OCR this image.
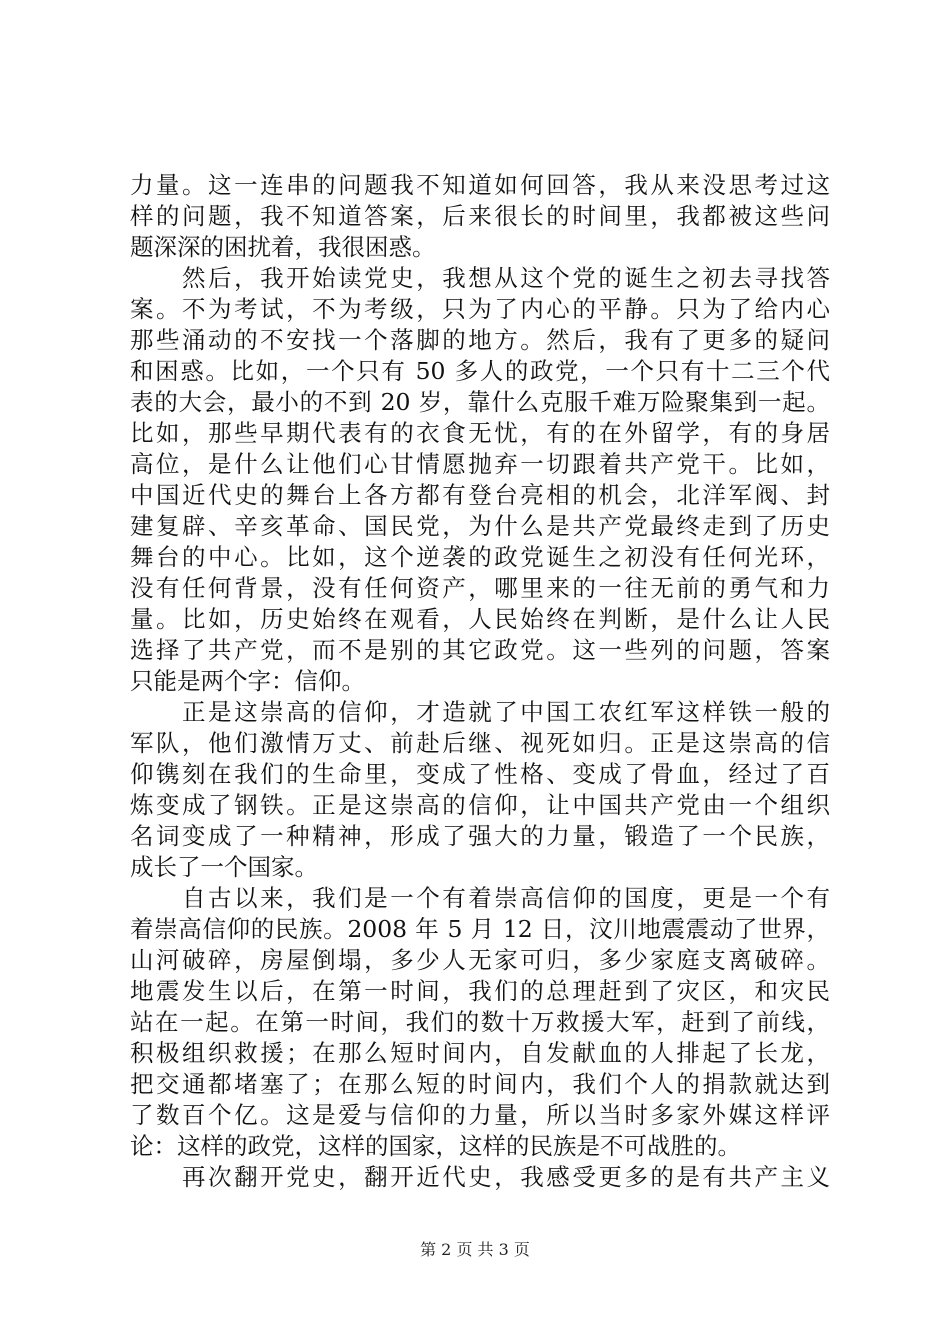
力量。这一连串的问题我不知道如何回答，我从来没思考过这
样的问题，我不知道答案，后来很长的时间里，我都被这些问
题深深的困扰着，我很困惑。
　　然后，我开始读党史，我想从这个党的诞生之初去寻找答
案。不为考试，不为考级，只为了内心的平静。只为了给内心
那些涌动的不安找一个落脚的地方。然后，我有了更多的疑问
和困惑。比如，一个只有 50 多人的政党，一个只有十二三个代
表的大会，最小的不到 20 岁，靠什么克服千难万险聚集到一起。
比如，那些早期代表有的衣食无忧，有的在外留学，有的身居
高位，是什么让他们心甘情愿抛弃一切跟着共产党干。比如，
中国近代史的舞台上各方都有登台亮相的机会，北洋军阀、封
建复辟、辛亥革命、国民党，为什么是共产党最终走到了历史
舞台的中心。比如，这个逆袭的政党诞生之初没有任何光环，
没有任何背景，没有任何资产，哪里来的一往无前的勇气和力
量。比如，历史始终在观看，人民始终在判断，是什么让人民
选择了共产党，而不是别的其它政党。这一些列的问题，答案
只能是两个字：信仰。
　　正是这崇高的信仰，才造就了中国工农红军这样铁一般的
军队，他们激情万丈、前赴后继、视死如归。正是这崇高的信
仰镌刻在我们的生命里，变成了性格、变成了骨血，经过了百
炼变成了钢铁。正是这崇高的信仰，让中国共产党由一个组织
名词变成了一种精神，形成了强大的力量，锻造了一个民族，
成长了一个国家。
　　自古以来，我们是一个有着崇高信仰的国度，更是一个有
着崇高信仰的民族。2008 年 5 月 12 日，汶川地震震动了世界，
山河破碎，房屋倒塌，多少人无家可归，多少家庭支离破碎。
地震发生以后，在第一时间，我们的总理赶到了灾区，和灾民
站在一起。在第一时间，我们的数十万救援大军，赶到了前线，
积极组织救援；在那么短时间内，自发献血的人排起了长龙，
把交通都堵塞了；在那么短的时间内，我们个人的捐款就达到
了数百个亿。这是爱与信仰的力量，所以当时多家外媒这样评
论：这样的政党，这样的国家，这样的民族是不可战胜的。
　　再次翻开党史，翻开近代史，我感受更多的是有共产主义
第 2 页 共 3 页
